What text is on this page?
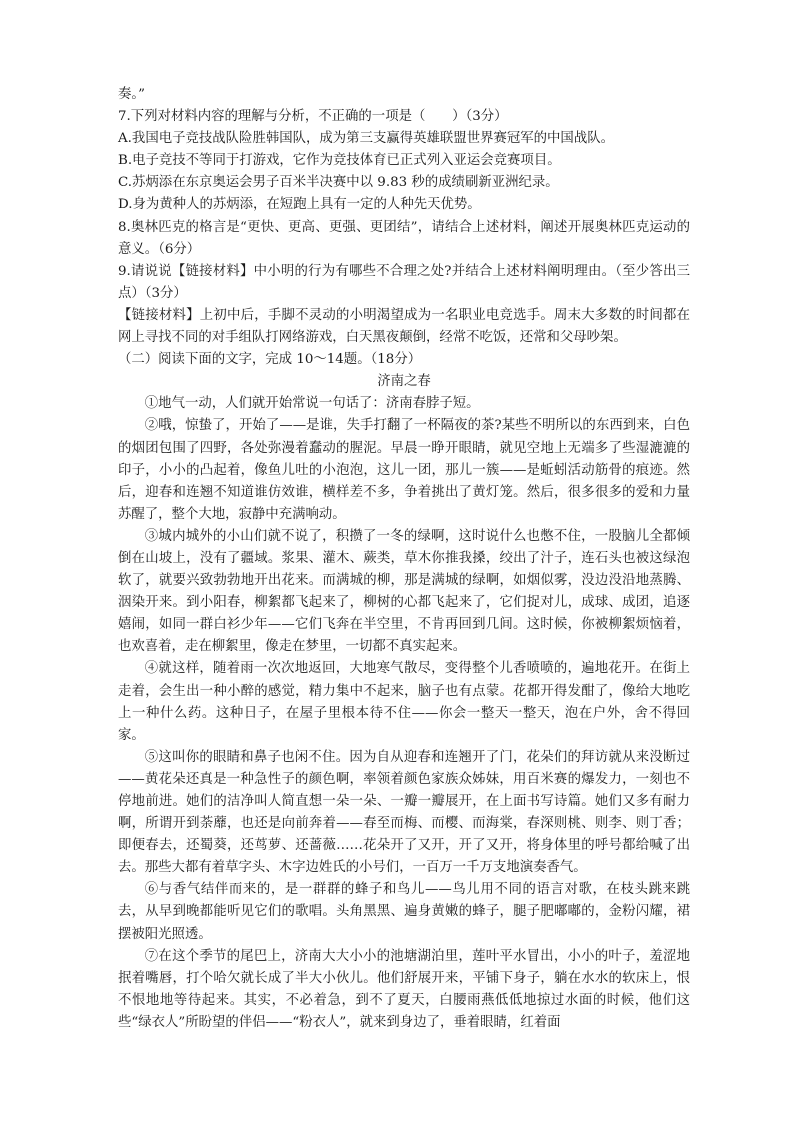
奏。”

7.下列对材料内容的理解与分析，不正确的一项是（　　）（3分）

A.我国电子竞技战队险胜韩国队，成为第三支赢得英雄联盟世界赛冠军的中国战队。

B.电子竞技不等同于打游戏，它作为竞技体育已正式列入亚运会竞赛项目。

C.苏炳添在东京奥运会男子百米半决赛中以 9.83 秒的成绩刷新亚洲纪录。

D.身为黄种人的苏炳添，在短跑上具有一定的人种先天优势。

8.奥林匹克的格言是“更快、更高、更强、更团结”，请结合上述材料，阐述开展奥林匹克运动的意义。（6分）

9.请说说【链接材料】中小明的行为有哪些不合理之处?并结合上述材料阐明理由。（至少答出三点）（3分）

【链接材料】上初中后，手脚不灵动的小明渴望成为一名职业电竞选手。周末大多数的时间都在网上寻找不同的对手组队打网络游戏，白天黑夜颠倒，经常不吃饭，还常和父母吵架。

（二）阅读下面的文字，完成 10～14题。（18分）

济南之春

①地气一动，人们就开始常说一句话了：济南春脖子短。

②哦，惊蛰了，开始了——是谁，失手打翻了一杯隔夜的茶?某些不明所以的东西到来，白色的烟团包围了四野，各处弥漫着蠢动的腥泥。早晨一睁开眼睛，就见空地上无端多了些湿漉漉的印子，小小的凸起着，像鱼儿吐的小泡泡，这儿一团，那儿一簇——是蚯蚓活动筋骨的痕迹。然后，迎春和连翘不知道谁仿效谁，横样差不多，争着挑出了黄灯笼。然后，很多很多的爱和力量苏醒了，整个大地，寂静中充满响动。

③城内城外的小山们就不说了，积攒了一冬的绿啊，这时说什么也憋不住，一股脑儿全都倾倒在山坡上，没有了疆域。浆果、灌木、蕨类，草木你推我搡，绞出了汁子，连石头也被这绿泡软了，就要兴致勃勃地开出花来。而满城的柳，那是满城的绿啊，如烟似雾，没边没沿地蒸腾、洇染开来。到小阳春，柳絮都飞起来了，柳树的心都飞起来了，它们捉对儿，成球、成团，追逐嬉闹，如同一群白衫少年——它们飞奔在半空里，不肯再回到几间。这时候，你被柳絮烦恼着，也欢喜着，走在柳絮里，像走在梦里，一切都不真实起来。

④就这样，随着雨一次次地返回，大地寒气散尽，变得整个儿香喷喷的，遍地花开。在街上走着，会生出一种小醉的感觉，精力集中不起来，脑子也有点蒙。花都开得发酣了，像给大地吃上一种什么药。这种日子，在屋子里根本待不住——你会一整天一整天，泡在户外，舍不得回家。

⑤这叫你的眼睛和鼻子也闲不住。因为自从迎春和连翘开了门，花朵们的拜访就从来没断过——黄花朵还真是一种急性子的颜色啊，率领着颜色家族众姊妹，用百米赛的爆发力，一刻也不停地前进。她们的洁净叫人简直想一朵一朵、一瓣一瓣展开，在上面书写诗篇。她们又多有耐力啊，所谓开到荼蘼，也还是向前奔着——春至而梅、而樱、而海棠，春深则桃、则李、则丁香；即便春去，还蜀葵，还茑萝、还蔷薇……花朵开了又开，开了又开，将身体里的呼号都给喊了出去。那些大都有着草字头、木字边姓氏的小号们，一百万一千万支地演奏香气。

⑥与香气结伴而来的，是一群群的蜂子和鸟儿——鸟儿用不同的语言对歌，在枝头跳来跳去，从早到晚都能听见它们的歌唱。头角黑黑、遍身黄嫩的蜂子，腿子肥嘟嘟的，金粉闪耀，裙摆被阳光照透。

⑦在这个季节的尾巴上，济南大大小小的池塘湖泊里，莲叶平水冒出，小小的叶子，羞涩地抿着嘴唇，打个哈欠就长成了半大小伙儿。他们舒展开来，平铺下身子，躺在水水的软床上，恨不恨地地等待起来。其实，不必着急，到不了夏天，白腰雨燕低低地掠过水面的时候，他们这些“绿衣人”所盼望的伴侣——“粉衣人”，就来到身边了，垂着眼睛，红着面
